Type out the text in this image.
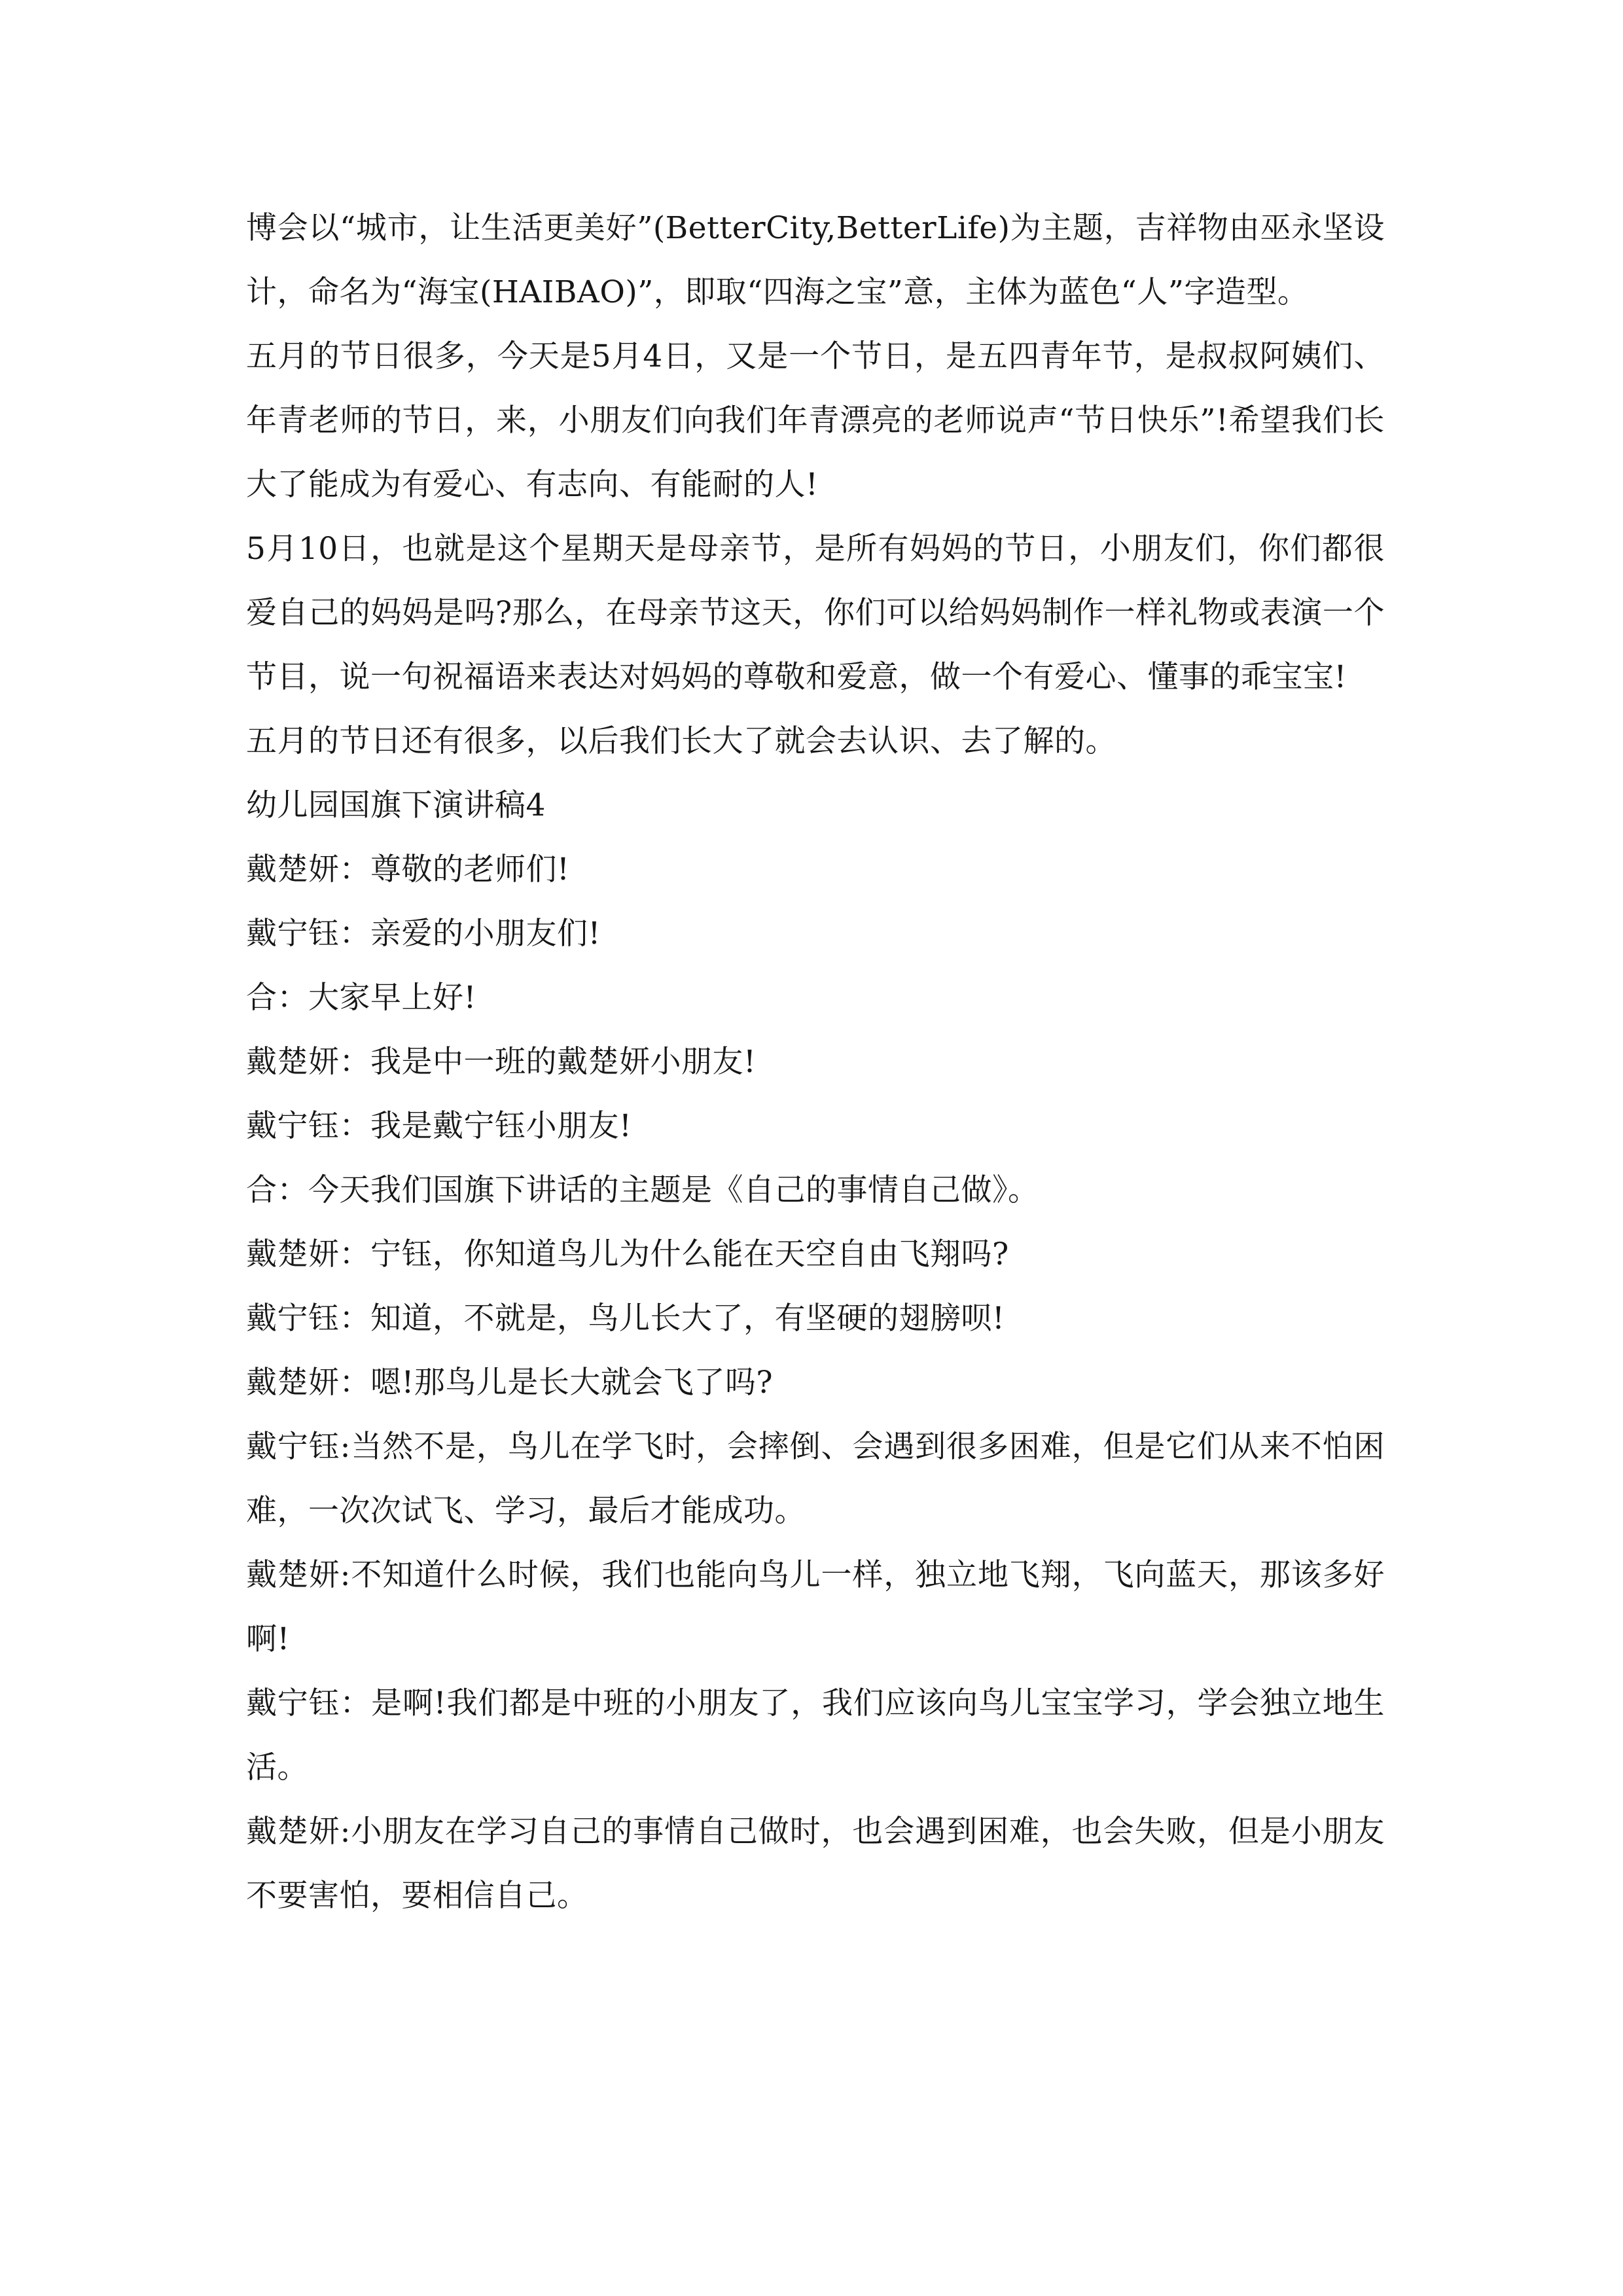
博会以“城市，让生活更美好”(BetterCity,BetterLife)为主题，吉祥物由巫永坚设计，命名为“海宝(HAIBAO)”，即取“四海之宝”意，主体为蓝色“人”字造型。

五月的节日很多，今天是5月4日，又是一个节日，是五四青年节，是叔叔阿姨们、年青老师的节日，来，小朋友们向我们年青漂亮的老师说声“节日快乐”!希望我们长大了能成为有爱心、有志向、有能耐的人!

5月10日，也就是这个星期天是母亲节，是所有妈妈的节日，小朋友们，你们都很爱自己的妈妈是吗?那么，在母亲节这天，你们可以给妈妈制作一样礼物或表演一个节目，说一句祝福语来表达对妈妈的尊敬和爱意，做一个有爱心、懂事的乖宝宝!

五月的节日还有很多，以后我们长大了就会去认识、去了解的。

幼儿园国旗下演讲稿4

戴楚妍：尊敬的老师们!

戴宁钰：亲爱的小朋友们!

合：大家早上好!

戴楚妍：我是中一班的戴楚妍小朋友!

戴宁钰：我是戴宁钰小朋友!

合：今天我们国旗下讲话的主题是《自己的事情自己做》。

戴楚妍：宁钰，你知道鸟儿为什么能在天空自由飞翔吗?

戴宁钰：知道，不就是，鸟儿长大了，有坚硬的翅膀呗!

戴楚妍：嗯!那鸟儿是长大就会飞了吗?

戴宁钰:当然不是，鸟儿在学飞时，会摔倒、会遇到很多困难，但是它们从来不怕困难，一次次试飞、学习，最后才能成功。

戴楚妍:不知道什么时候，我们也能向鸟儿一样，独立地飞翔，飞向蓝天，那该多好啊!

戴宁钰：是啊!我们都是中班的小朋友了，我们应该向鸟儿宝宝学习，学会独立地生活。

戴楚妍:小朋友在学习自己的事情自己做时，也会遇到困难，也会失败，但是小朋友不要害怕，要相信自己。
